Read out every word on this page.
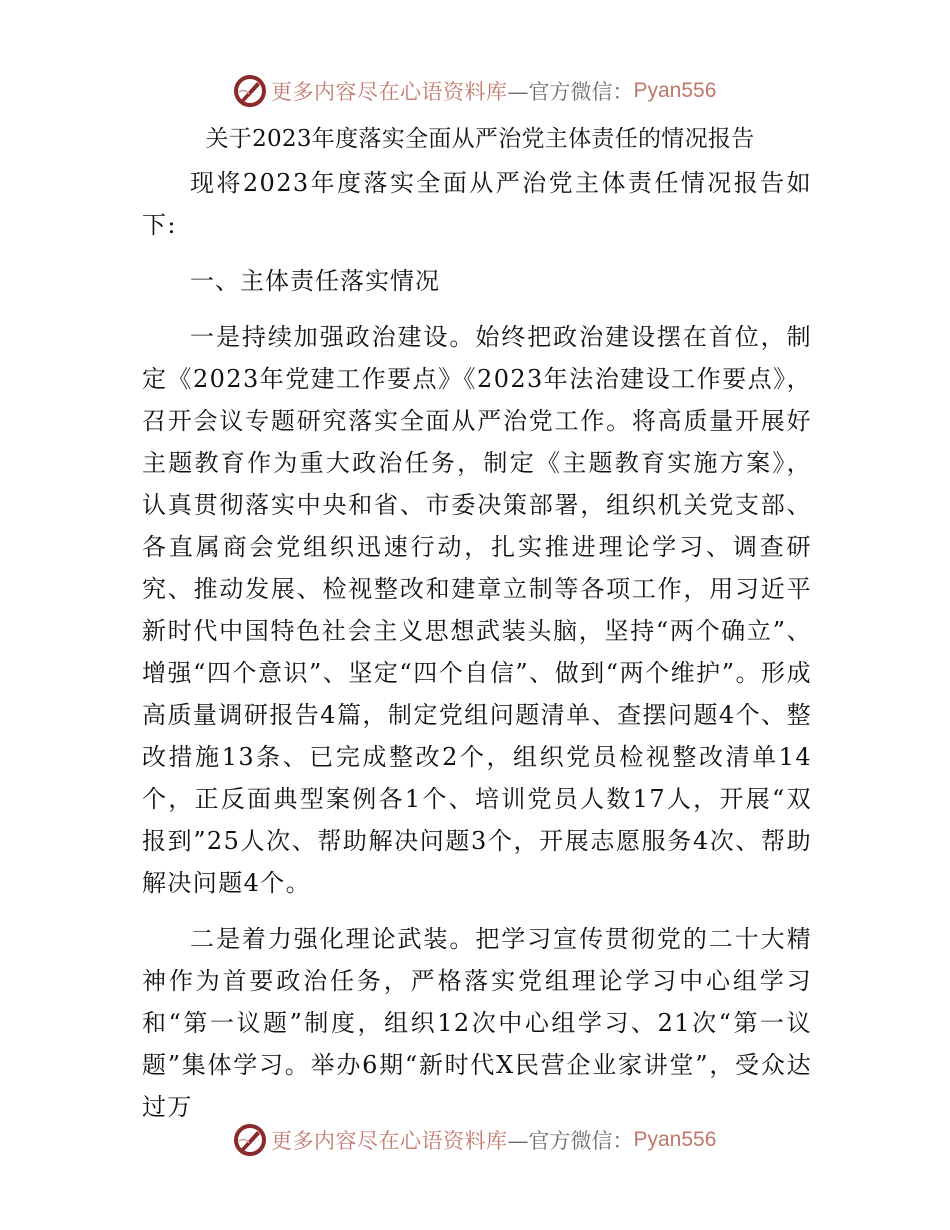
更多内容尽在心语资料库 —官方微信： Pyan556
关于2023年度落实全面从严治党主体责任的情况报告

现将2023年度落实全面从严治党主体责任情况报告如下:

一、主体责任落实情况

一是持续加强政治建设。始终把政治建设摆在首位，制定《2023年党建工作要点》《2023年法治建设工作要点》，召开会议专题研究落实全面从严治党工作。将高质量开展好主题教育作为重大政治任务，制定《主题教育实施方案》，认真贯彻落实中央和省、市委决策部署，组织机关党支部、各直属商会党组织迅速行动，扎实推进理论学习、调查研究、推动发展、检视整改和建章立制等各项工作，用习近平新时代中国特色社会主义思想武装头脑，坚持“两个确立”、增强“四个意识”、坚定“四个自信”、做到“两个维护”。形成高质量调研报告4篇，制定党组问题清单、查摆问题4个、整改措施13条、已完成整改2个，组织党员检视整改清单14个，正反面典型案例各1个、培训党员人数17人，开展“双报到”25人次、帮助解决问题3个，开展志愿服务4次、帮助解决问题4个。

二是着力强化理论武装。把学习宣传贯彻党的二十大精神作为首要政治任务，严格落实党组理论学习中心组学习和“第一议题”制度，组织12次中心组学习、21次“第一议题”集体学习。举办6期“新时代X民营企业家讲堂”，受众达过万

更多内容尽在心语资料库 —官方微信： Pyan556
